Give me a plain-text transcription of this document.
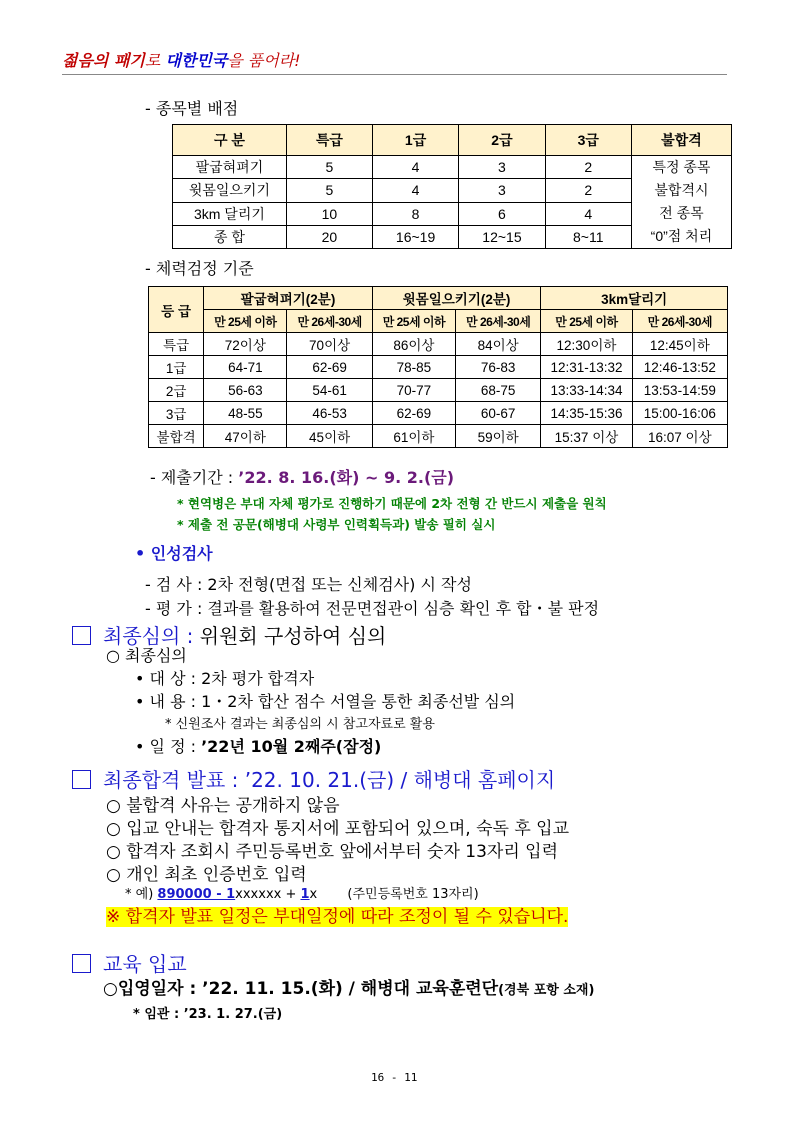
젊음의 패기로 대한민국을 품어라!
- 종목별 배점
구 분	특급	1급	2급	3급	불합격
팔굽혀펴기	5	4	3	2	특정 종목
불합격시
전 종목
“0”점 처리

윗몸일으키기	5	4	3	2	
3km 달리기	10	8	6	4	
종 합	20	16~19	12~15	8~11	
- 체력검정 기준
등 급	팔굽혀펴기(2분)		윗몸일으키기(2분)		3km달리기	
	만 25세 이하	만 26세-30세	만 25세 이하	만 26세-30세	만 25세 이하	만 26세-30세
특급	72이상	70이상	86이상	84이상	12:30이하	12:45이하
1급	64-71	62-69	78-85	76-83	12:31-13:32	12:46-13:52
2급	56-63	54-61	70-77	68-75	13:33-14:34	13:53-14:59
3급	48-55	46-53	62-69	60-67	14:35-15:36	15:00-16:06
불합격	47이하	45이하	61이하	59이하	15:37 이상	16:07 이상
- 제출기간 : ’22. 8. 16.(화) ~ 9. 2.(금)
* 현역병은 부대 자체 평가로 진행하기 때문에 2차 전형 간 반드시 제출을 원칙
* 제출 전 공문(해병대 사령부 인력획득과) 발송 필히 실시
• 인성검사
- 검 사 : 2차 전형(면접 또는 신체검사) 시 작성
- 평 가 : 결과를 활용하여 전문면접관이 심층 확인 후 합・불 판정
최종심의 : 위원회 구성하여 심의
○ 최종심의
• 대 상 : 2차 평가 합격자
• 내 용 : 1・2차 합산 점수 서열을 통한 최종선발 심의
* 신원조사 결과는 최종심의 시 참고자료로 활용
• 일 정 : ’22년 10월 2째주(잠정)
최종합격 발표 : ’22. 10. 21.(금) / 해병대 홈페이지
○ 불합격 사유는 공개하지 않음
○ 입교 안내는 합격자 통지서에 포함되어 있으며, 숙독 후 입교
○ 합격자 조회시 주민등록번호 앞에서부터 숫자 13자리 입력
○ 개인 최초 인증번호 입력
* 예) 890000 - 1xxxxxx + 1x (주민등록번호 13자리)
※ 합격자 발표 일정은 부대일정에 따라 조정이 될 수 있습니다.
교육 입교
○입영일자 : ’22. 11. 15.(화) / 해병대 교육훈련단(경북 포항 소재)
* 임관 : ’23. 1. 27.(금)
16 - 11
